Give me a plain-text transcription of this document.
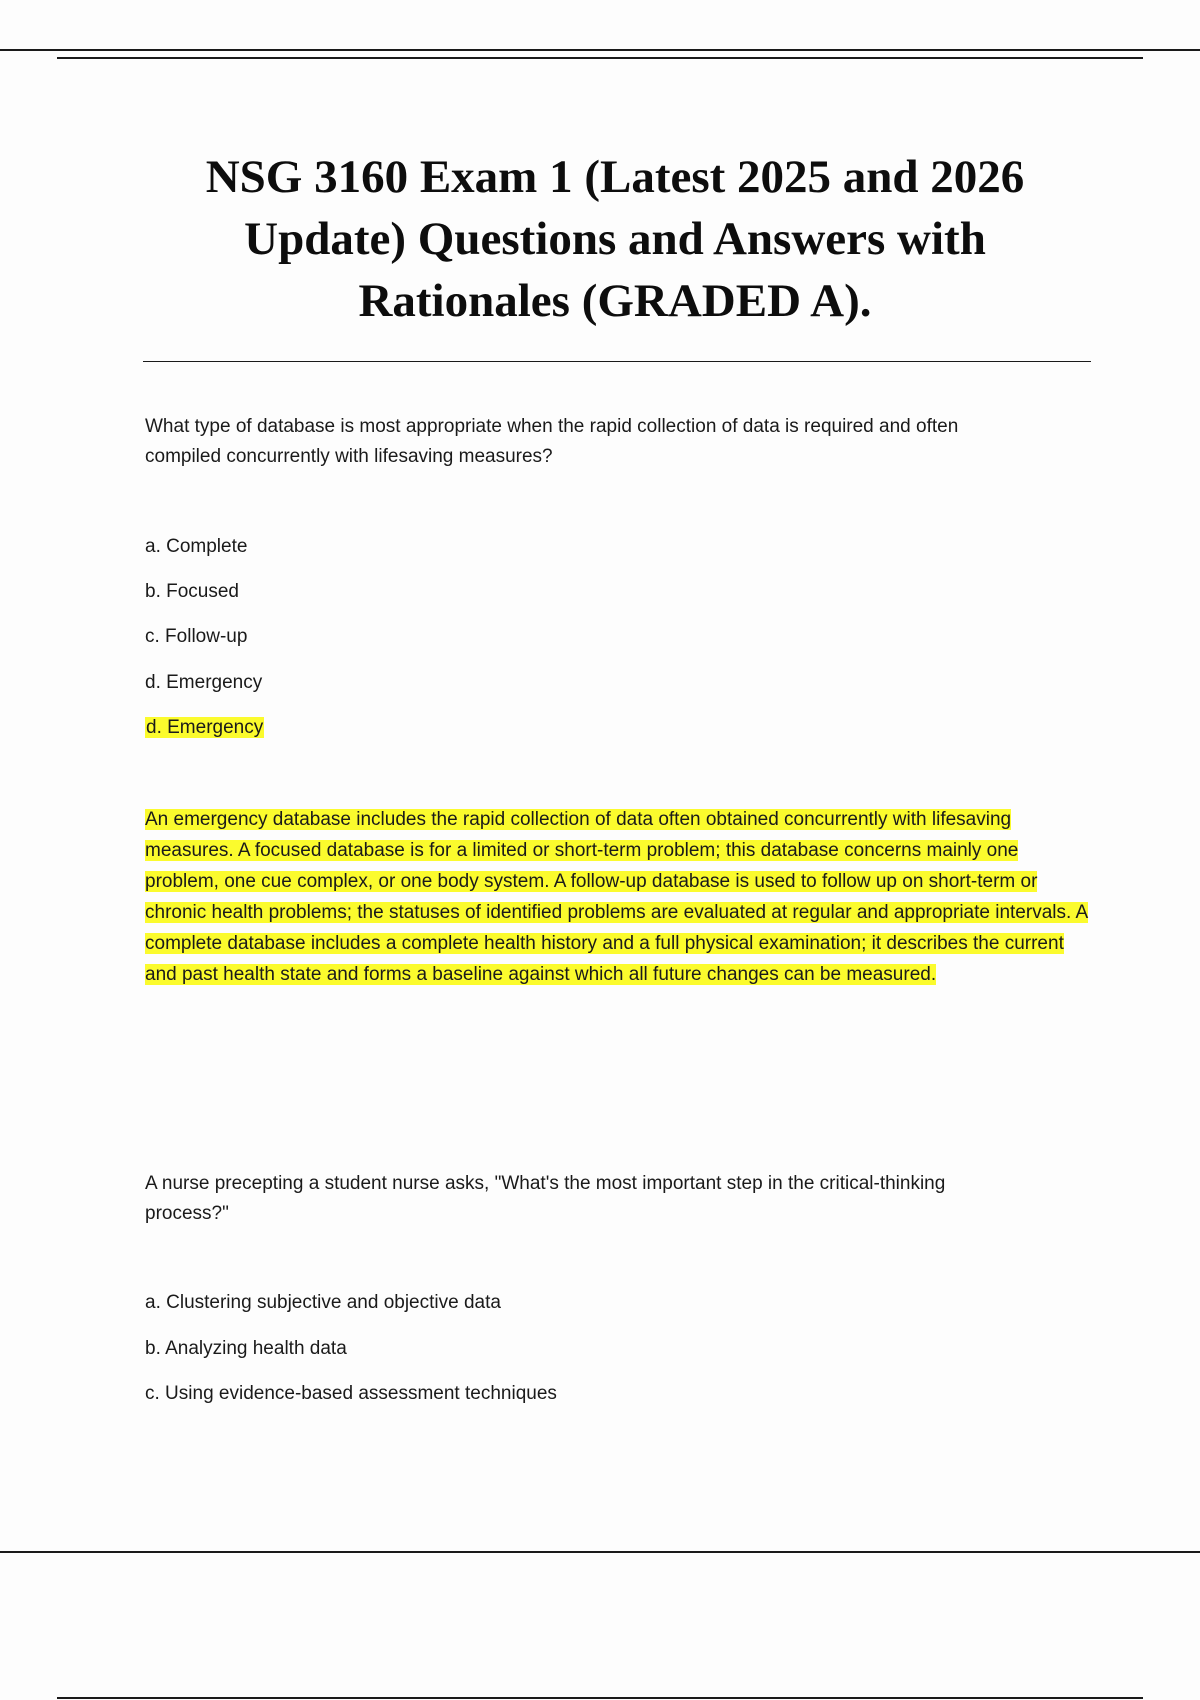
NSG 3160 Exam 1 (Latest 2025 and 2026
Update) Questions and Answers with
Rationales (GRADED A).
What type of database is most appropriate when the rapid collection of data is required and often
compiled concurrently with lifesaving measures?

a. Complete

b. Focused

c. Follow-up

d. Emergency

d. Emergency

An emergency database includes the rapid collection of data often obtained concurrently with lifesaving measures. A focused database is for a limited or short-term problem; this database concerns mainly one problem, one cue complex, or one body system. A follow-up database is used to follow up on short-term or chronic health problems; the statuses of identified problems are evaluated at regular and appropriate intervals. A complete database includes a complete health history and a full physical examination; it describes the current and past health state and forms a baseline against which all future changes can be measured.

A nurse precepting a student nurse asks, "What's the most important step in the critical-thinking
process?"

a. Clustering subjective and objective data

b. Analyzing health data

c. Using evidence-based assessment techniques
